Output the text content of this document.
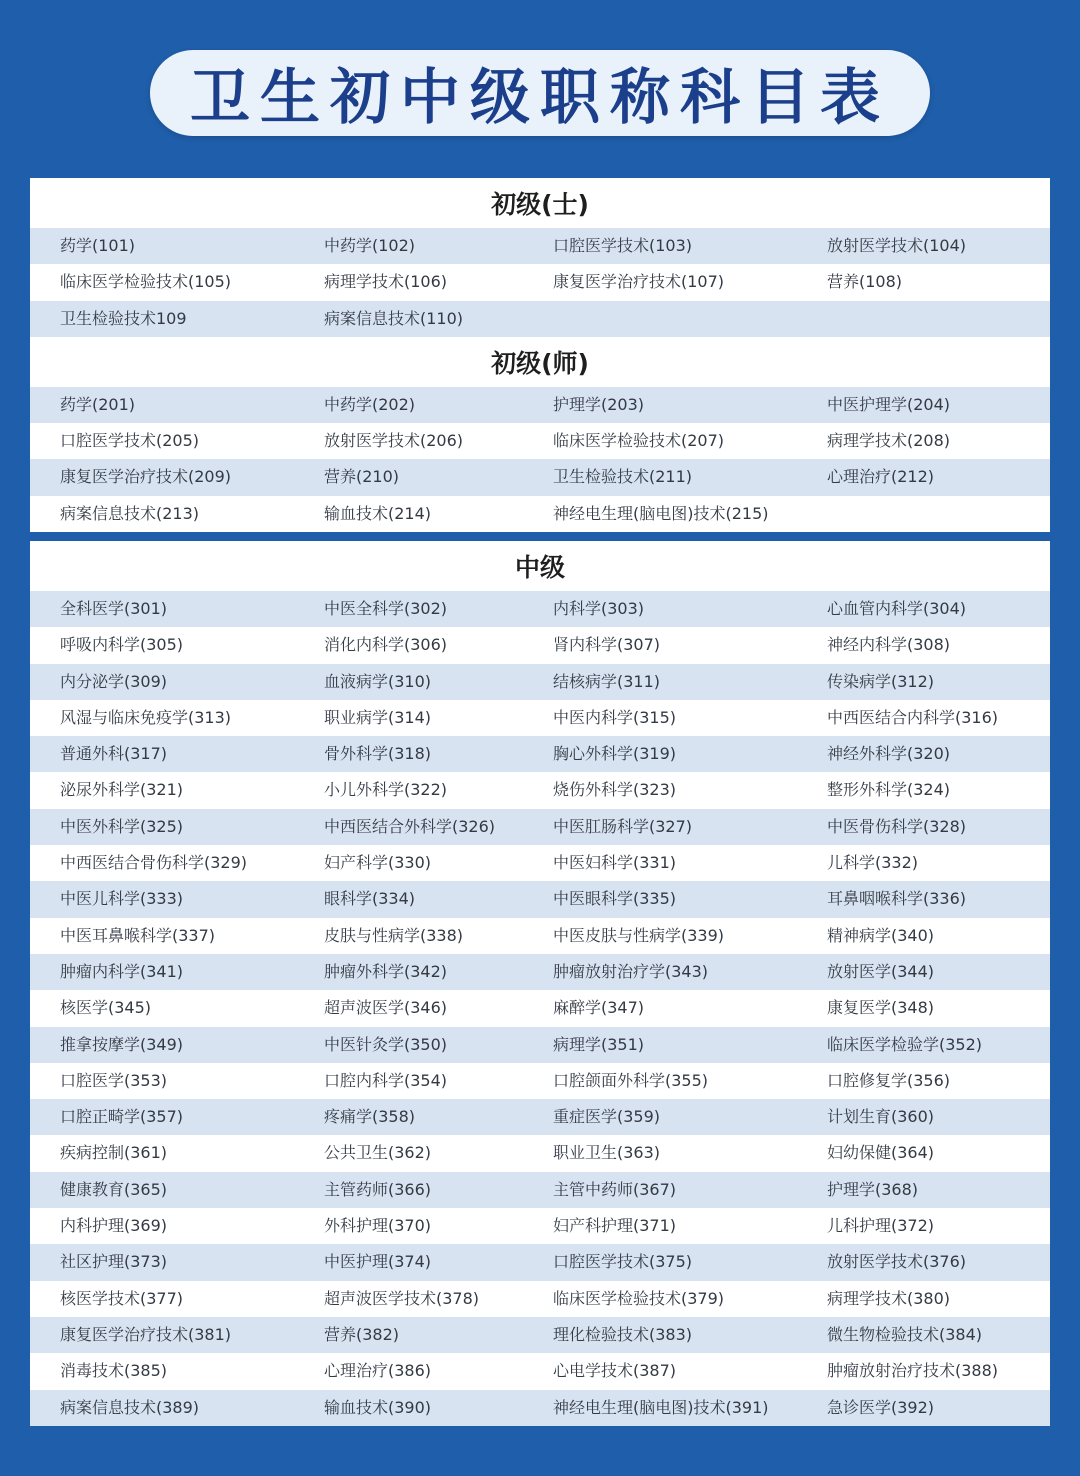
卫生初中级职称科目表
初级(士)
药学(101)	中药学(102)	口腔医学技术(103)	放射医学技术(104)
临床医学检验技术(105)	病理学技术(106)	康复医学治疗技术(107)	营养(108)
卫生检验技术109	病案信息技术(110)
初级(师)
药学(201)	中药学(202)	护理学(203)	中医护理学(204)
口腔医学技术(205)	放射医学技术(206)	临床医学检验技术(207)	病理学技术(208)
康复医学治疗技术(209)	营养(210)	卫生检验技术(211)	心理治疗(212)
病案信息技术(213)	输血技术(214)	神经电生理(脑电图)技术(215)
中级
全科医学(301)	中医全科学(302)	内科学(303)	心血管内科学(304)
呼吸内科学(305)	消化内科学(306)	肾内科学(307)	神经内科学(308)
内分泌学(309)	血液病学(310)	结核病学(311)	传染病学(312)
风湿与临床免疫学(313)	职业病学(314)	中医内科学(315)	中西医结合内科学(316)
普通外科(317)	骨外科学(318)	胸心外科学(319)	神经外科学(320)
泌尿外科学(321)	小儿外科学(322)	烧伤外科学(323)	整形外科学(324)
中医外科学(325)	中西医结合外科学(326)	中医肛肠科学(327)	中医骨伤科学(328)
中西医结合骨伤科学(329)	妇产科学(330)	中医妇科学(331)	儿科学(332)
中医儿科学(333)	眼科学(334)	中医眼科学(335)	耳鼻咽喉科学(336)
中医耳鼻喉科学(337)	皮肤与性病学(338)	中医皮肤与性病学(339)	精神病学(340)
肿瘤内科学(341)	肿瘤外科学(342)	肿瘤放射治疗学(343)	放射医学(344)
核医学(345)	超声波医学(346)	麻醉学(347)	康复医学(348)
推拿按摩学(349)	中医针灸学(350)	病理学(351)	临床医学检验学(352)
口腔医学(353)	口腔内科学(354)	口腔颌面外科学(355)	口腔修复学(356)
口腔正畸学(357)	疼痛学(358)	重症医学(359)	计划生育(360)
疾病控制(361)	公共卫生(362)	职业卫生(363)	妇幼保健(364)
健康教育(365)	主管药师(366)	主管中药师(367)	护理学(368)
内科护理(369)	外科护理(370)	妇产科护理(371)	儿科护理(372)
社区护理(373)	中医护理(374)	口腔医学技术(375)	放射医学技术(376)
核医学技术(377)	超声波医学技术(378)	临床医学检验技术(379)	病理学技术(380)
康复医学治疗技术(381)	营养(382)	理化检验技术(383)	微生物检验技术(384)
消毒技术(385)	心理治疗(386)	心电学技术(387)	肿瘤放射治疗技术(388)
病案信息技术(389)	输血技术(390)	神经电生理(脑电图)技术(391)	急诊医学(392)
